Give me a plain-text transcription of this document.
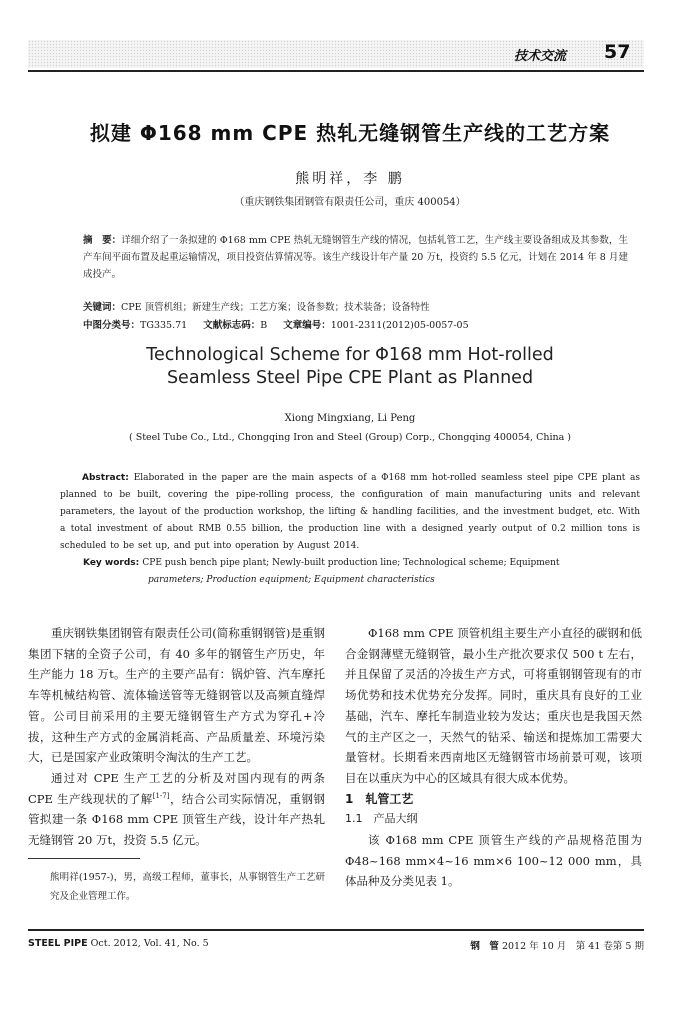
技术交流 57
拟建 Φ168 mm CPE 热轧无缝钢管生产线的工艺方案
熊明祥，李 鹏
（重庆钢铁集团钢管有限责任公司，重庆 400054）
摘　要：详细介绍了一条拟建的 Φ168 mm CPE 热轧无缝钢管生产线的情况，包括轧管工艺，生产线主要设备组成及其参数，生产车间平面布置及起重运输情况，项目投资估算情况等。该生产线设计年产量 20 万t，投资约 5.5 亿元，计划在 2014 年 8 月建成投产。
关键词：CPE 顶管机组；新建生产线；工艺方案；设备参数；技术装备；设备特性
中图分类号：TG335.71 文献标志码：B 文章编号：1001-2311(2012)05-0057-05
Technological Scheme for Φ168 mm Hot-rolled
Seamless Steel Pipe CPE Plant as Planned
Xiong Mingxiang, Li Peng
( Steel Tube Co., Ltd., Chongqing Iron and Steel (Group) Corp., Chongqing 400054, China )
Abstract: Elaborated in the paper are the main aspects of a Φ168 mm hot-rolled seamless steel pipe CPE plant as planned to be built, covering the pipe-rolling process, the configuration of main manufacturing units and relevant parameters, the layout of the production workshop, the lifting & handling facilities, and the investment budget, etc. With a total investment of about RMB 0.55 billion, the production line with a designed yearly output of 0.2 million tons is scheduled to be set up, and put into operation by August 2014.
Key words: CPE push bench pipe plant; Newly-built production line; Technological scheme; Equipment
parameters; Production equipment; Equipment characteristics

重庆钢铁集团钢管有限责任公司(简称重钢钢管)是重钢集团下辖的全资子公司，有 40 多年的钢管生产历史，年生产能力 18 万t。生产的主要产品有：锅炉管、汽车摩托车等机械结构管、流体输送管等无缝钢管以及高频直缝焊管。公司目前采用的主要无缝钢管生产方式为穿孔+冷拔，这种生产方式的金属消耗高、产品质量差、环境污染大，已是国家产业政策明令淘汰的生产工艺。

通过对 CPE 生产工艺的分析及对国内现有的两条 CPE 生产线现状的了解[1-7]，结合公司实际情况，重钢钢管拟建一条 Φ168 mm CPE 顶管生产线，设计年产热轧无缝钢管 20 万t，投资 5.5 亿元。

Φ168 mm CPE 顶管机组主要生产小直径的碳钢和低合金钢薄壁无缝钢管，最小生产批次要求仅 500 t 左右，并且保留了灵活的冷拔生产方式，可将重钢钢管现有的市场优势和技术优势充分发挥。同时，重庆具有良好的工业基础，汽车、摩托车制造业较为发达；重庆也是我国天然气的主产区之一，天然气的钻采、输送和提炼加工需要大量管材。长期看来西南地区无缝钢管市场前景可观，该项目在以重庆为中心的区域具有很大成本优势。

1　轧管工艺

1.1　产品大纲

该 Φ168 mm CPE 顶管生产线的产品规格范围为 Φ48~168 mm×4~16 mm×6 100~12 000 mm，具体品种及分类见表 1。

熊明祥(1957-)，男，高级工程师，董事长，从事钢管生产工艺研究及企业管理工作。
STEEL PIPE Oct. 2012, Vol. 41, No. 5	钢　管 2012 年 10 月　第 41 卷第 5 期
